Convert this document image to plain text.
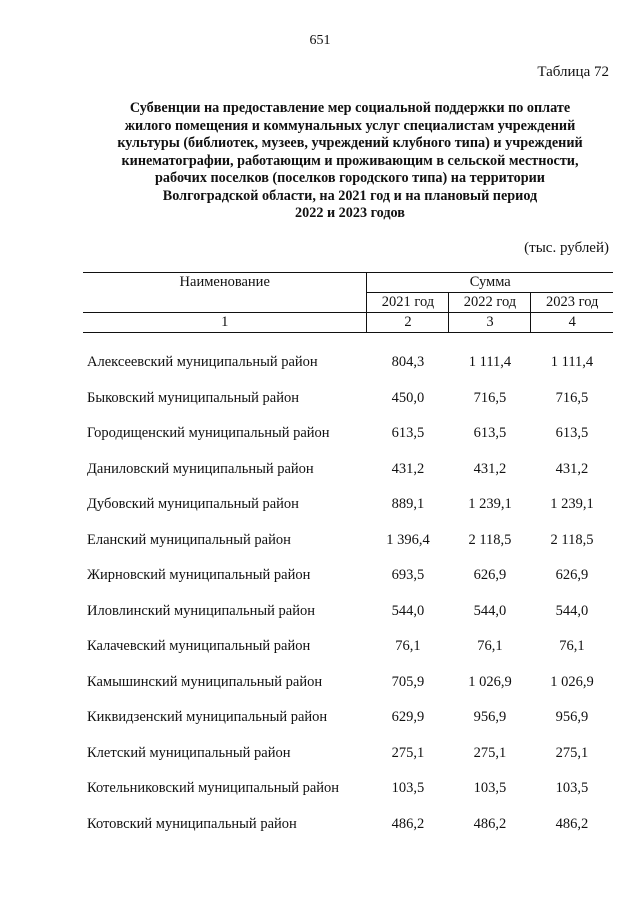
651
Таблица 72
Субвенции на предоставление мер социальной поддержки по оплате
жилого помещения и коммунальных услуг специалистам учреждений
культуры (библиотек, музеев, учреждений клубного типа) и учреждений
кинематографии, работающим и проживающим в сельской местности,
рабочих поселков (поселков городского типа) на территории
Волгоградской области, на 2021 год и на плановый период
2022 и 2023 годов
(тыс. рублей)
Наименование	Сумма		
	2021 год	2022 год	2023 год
1	2	3	4
Алексеевский муниципальный район	804,3	1 111,4	1 111,4
Быковский муниципальный район	450,0	716,5	716,5
Городищенский муниципальный район	613,5	613,5	613,5
Даниловский муниципальный район	431,2	431,2	431,2
Дубовский муниципальный район	889,1	1 239,1	1 239,1
Еланский муниципальный район	1 396,4	2 118,5	2 118,5
Жирновский муниципальный район	693,5	626,9	626,9
Иловлинский муниципальный район	544,0	544,0	544,0
Калачевский муниципальный район	76,1	76,1	76,1
Камышинский муниципальный район	705,9	1 026,9	1 026,9
Киквидзенский муниципальный район	629,9	956,9	956,9
Клетский муниципальный район	275,1	275,1	275,1
Котельниковский муниципальный район	103,5	103,5	103,5
Котовский муниципальный район	486,2	486,2	486,2
